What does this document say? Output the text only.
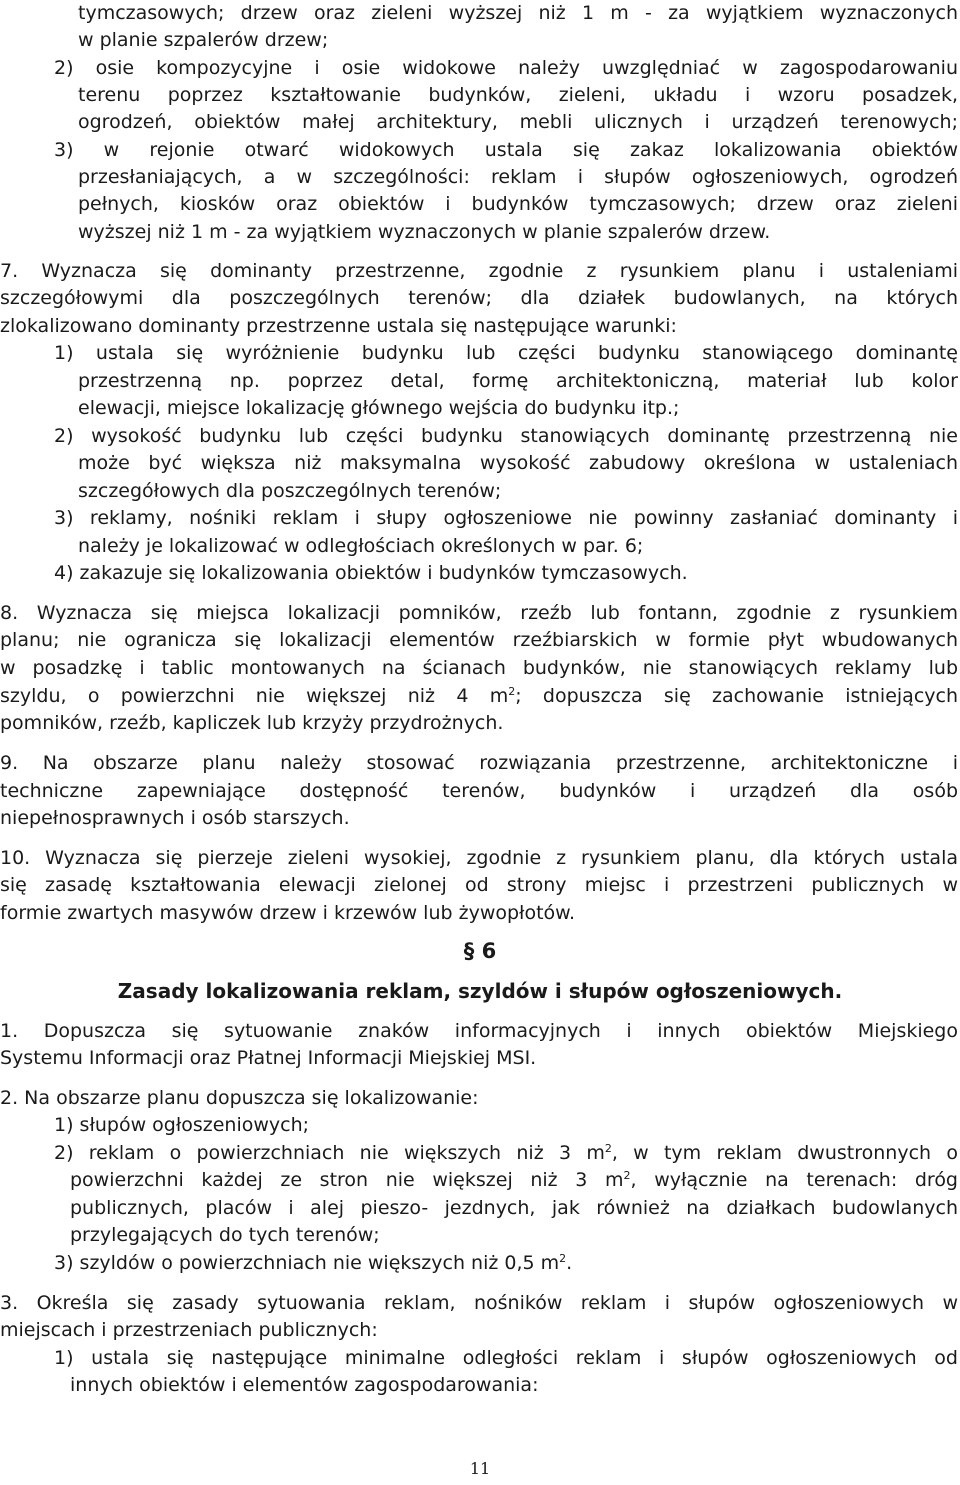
tymczasowych; drzew oraz zieleni wyższej niż 1 m - za wyjątkiem wyznaczonych
w planie szpalerów drzew;
2) osie kompozycyjne i osie widokowe należy uwzględniać w zagospodarowaniu
terenu poprzez kształtowanie budynków, zieleni, układu i wzoru posadzek,
ogrodzeń, obiektów małej architektury, mebli ulicznych i urządzeń terenowych;
3) w rejonie otwarć widokowych ustala się zakaz lokalizowania obiektów
przesłaniających, a w szczególności: reklam i słupów ogłoszeniowych, ogrodzeń
pełnych, kiosków oraz obiektów i budynków tymczasowych; drzew oraz zieleni
wyższej niż 1 m - za wyjątkiem wyznaczonych w planie szpalerów drzew.
7. Wyznacza się dominanty przestrzenne, zgodnie z rysunkiem planu i ustaleniami
szczegółowymi dla poszczególnych terenów; dla działek budowlanych, na których
zlokalizowano dominanty przestrzenne ustala się następujące warunki:
1) ustala się wyróżnienie budynku lub części budynku stanowiącego dominantę
przestrzenną np. poprzez detal, formę architektoniczną, materiał lub kolor
elewacji, miejsce lokalizację głównego wejścia do budynku itp.;
2) wysokość budynku lub części budynku stanowiących dominantę przestrzenną nie
może być większa niż maksymalna wysokość zabudowy określona w ustaleniach
szczegółowych dla poszczególnych terenów;
3) reklamy, nośniki reklam i słupy ogłoszeniowe nie powinny zasłaniać dominanty i
należy je lokalizować w odległościach określonych w par. 6;
4) zakazuje się lokalizowania obiektów i budynków tymczasowych.
8. Wyznacza się miejsca lokalizacji pomników, rzeźb lub fontann, zgodnie z rysunkiem
planu; nie ogranicza się lokalizacji elementów rzeźbiarskich w formie płyt wbudowanych
w posadzkę i tablic montowanych na ścianach budynków, nie stanowiących reklamy lub
szyldu, o powierzchni nie większej niż 4 $m^2$; dopuszcza się zachowanie istniejących
pomników, rzeźb, kapliczek lub krzyży przydrożnych.
9. Na obszarze planu należy stosować rozwiązania przestrzenne, architektoniczne i
techniczne zapewniające dostępność terenów, budynków i urządzeń dla osób
niepełnosprawnych i osób starszych.
10. Wyznacza się pierzeje zieleni wysokiej, zgodnie z rysunkiem planu, dla których ustala
się zasadę kształtowania elewacji zielonej od strony miejsc i przestrzeni publicznych w
formie zwartych masywów drzew i krzewów lub żywopłotów.
1. Dopuszcza się sytuowanie znaków informacyjnych i innych obiektów Miejskiego
Systemu Informacji oraz Płatnej Informacji Miejskiej MSI.
2. Na obszarze planu dopuszcza się lokalizowanie:
1) słupów ogłoszeniowych;
2) reklam o powierzchniach nie większych niż 3 $m^2$, w tym reklam dwustronnych o
powierzchni każdej ze stron nie większej niż 3 $m^2$, wyłącznie na terenach: dróg
publicznych, placów i alej pieszo- jezdnych, jak również na działkach budowlanych
przylegających do tych terenów;
3) szyldów o powierzchniach nie większych niż 0,5 $m^2$.
3. Określa się zasady sytuowania reklam, nośników reklam i słupów ogłoszeniowych w
miejscach i przestrzeniach publicznych:
1) ustala się następujące minimalne odległości reklam i słupów ogłoszeniowych od
innych obiektów i elementów zagospodarowania:
§ 6
Zasady lokalizowania reklam, szyldów i słupów ogłoszeniowych.
11
